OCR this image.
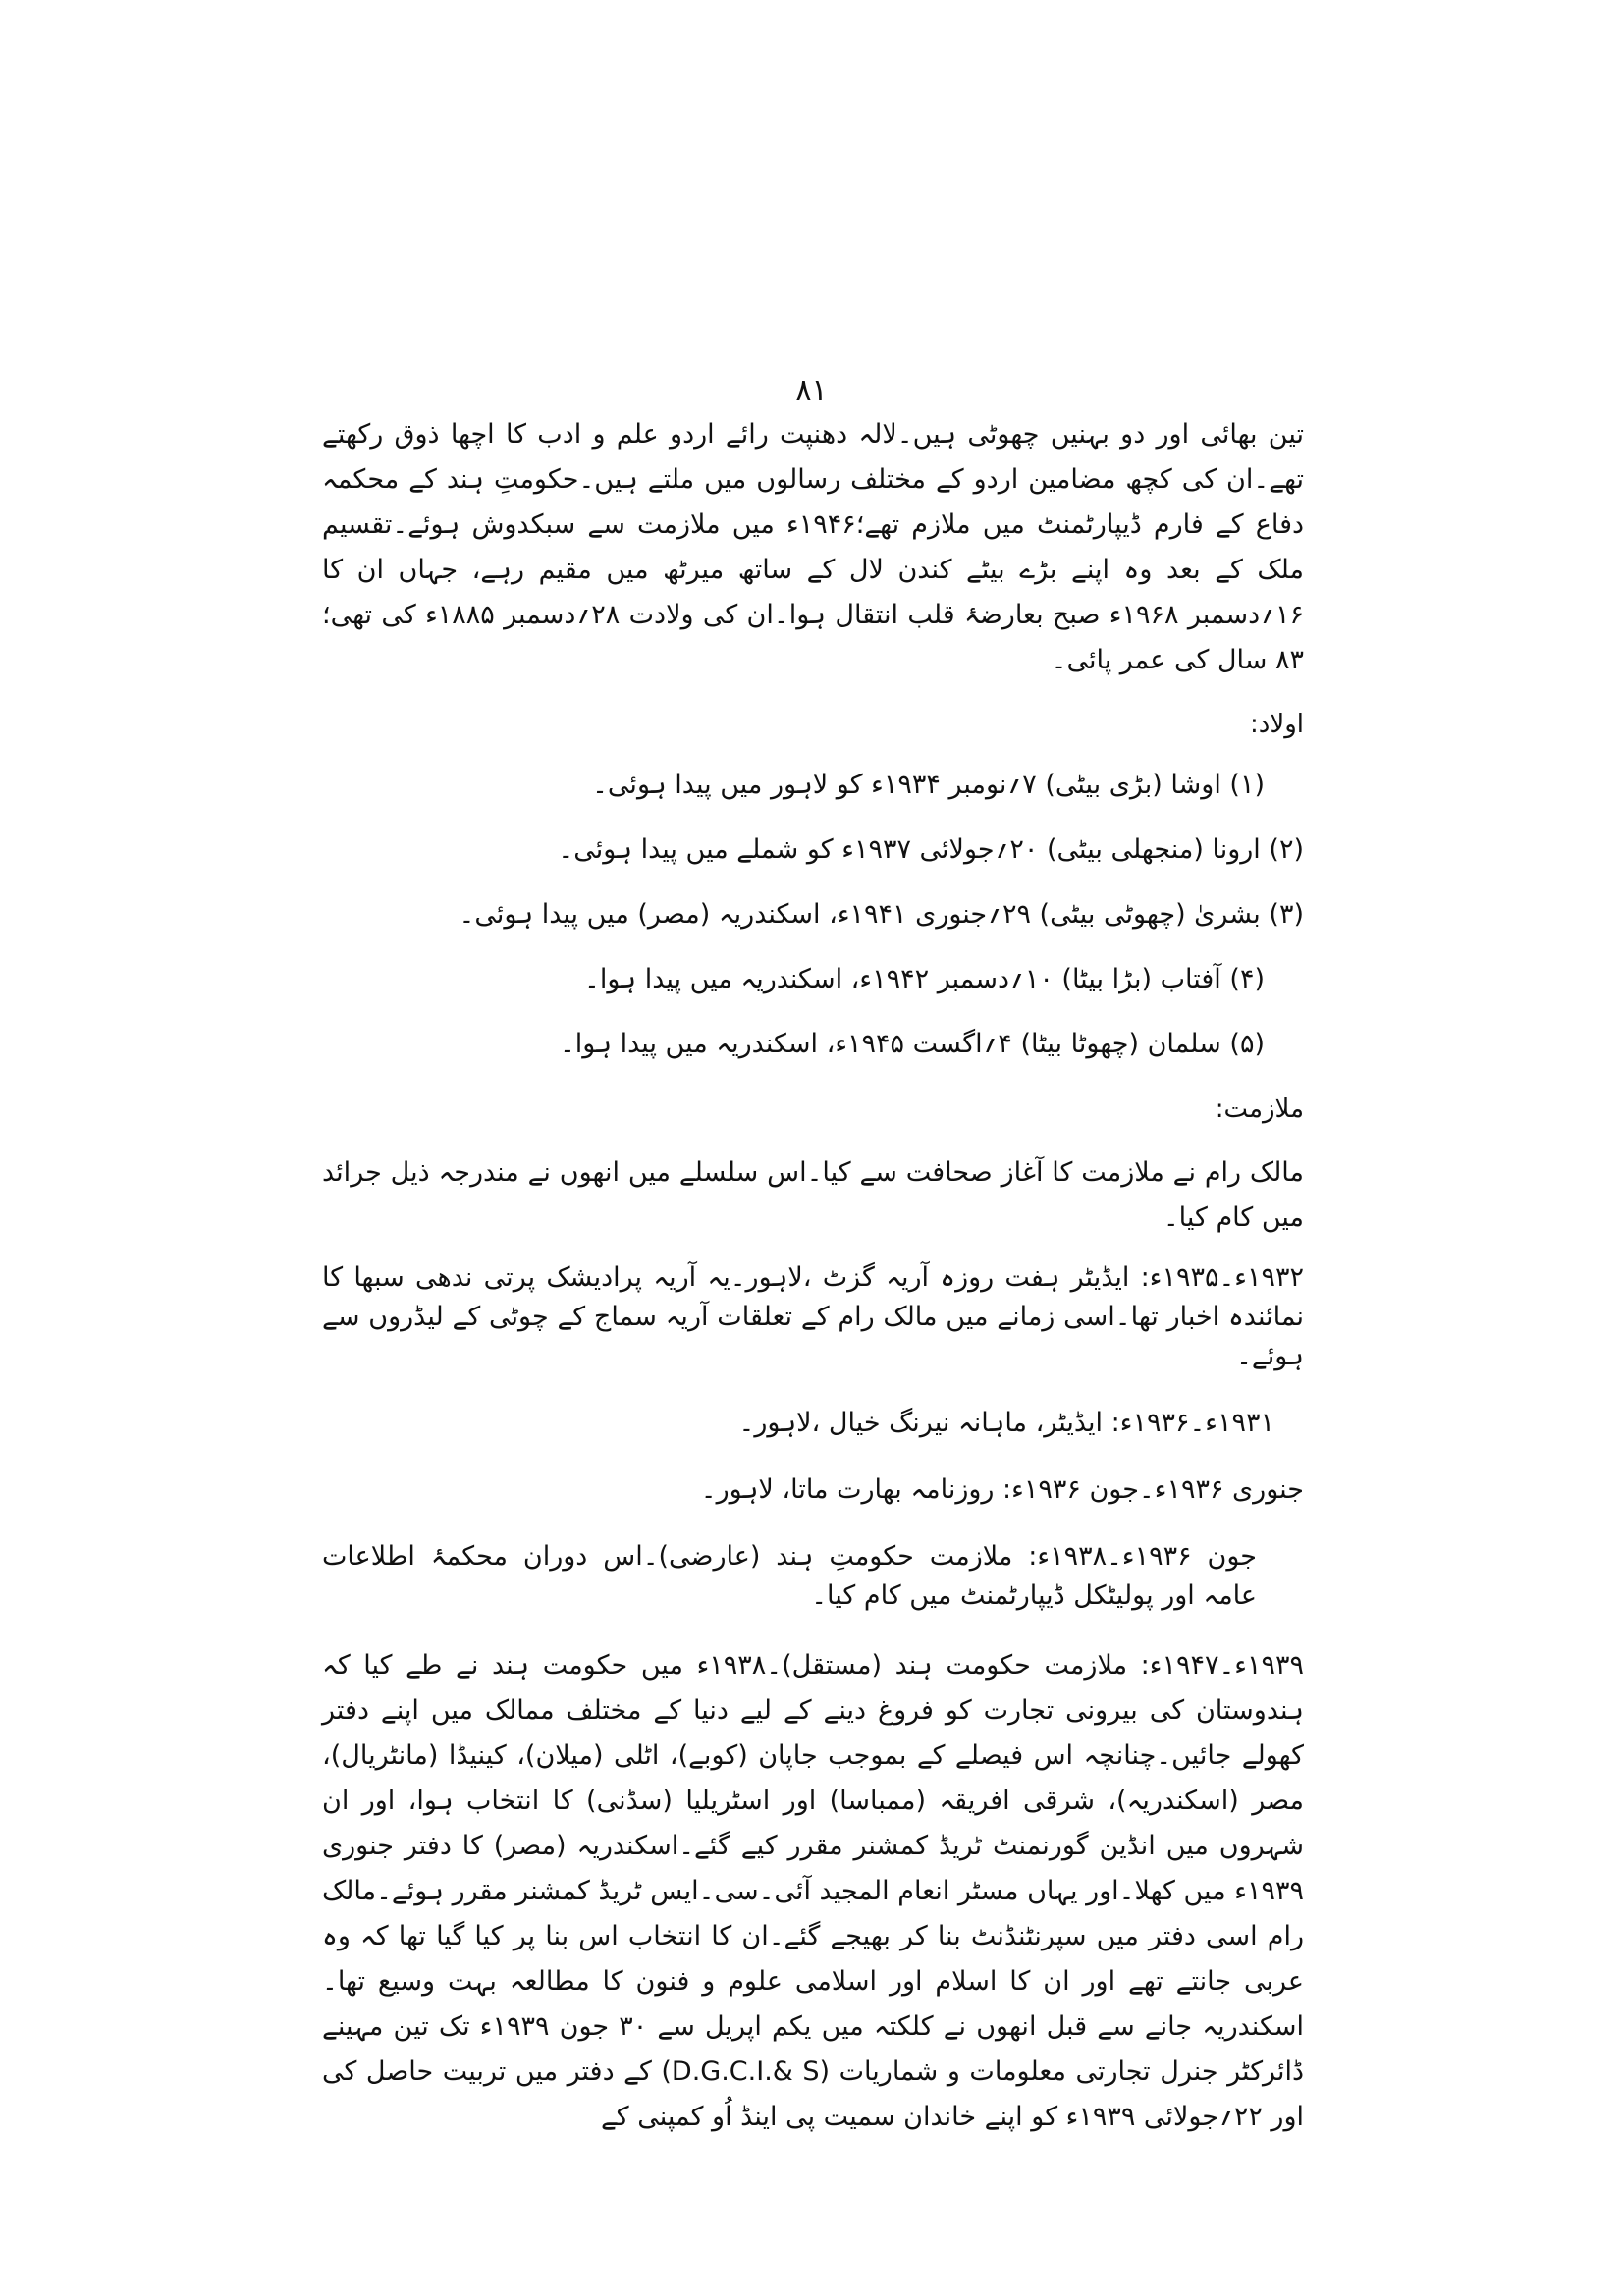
۸۱

تین بھائی اور دو بہنیں چھوٹی ہیں۔لالہ دھنپت رائے اردو علم و ادب کا اچھا ذوق رکھتے تھے۔ان کی کچھ مضامین اردو کے مختلف رسالوں میں ملتے ہیں۔حکومتِ ہند کے محکمہ دفاع کے فارم ڈیپارٹمنٹ میں ملازم تھے؛۱۹۴۶ء میں ملازمت سے سبکدوش ہوئے۔تقسیم ملک کے بعد وہ اپنے بڑے بیٹے کندن لال کے ساتھ میرٹھ میں مقیم رہے، جہاں ان کا ۱۶؍دسمبر ۱۹۶۸ء صبح بعارضۂ قلب انتقال ہوا۔ان کی ولادت ۲۸؍دسمبر ۱۸۸۵ء کی تھی؛ ۸۳ سال کی عمر پائی۔

اولاد:
(۱) اوشا (بڑی بیٹی) ۷؍نومبر ۱۹۳۴ء کو لاہور میں پیدا ہوئی۔
(۲) ارونا (منجھلی بیٹی) ۲۰؍جولائی ۱۹۳۷ء کو شملے میں پیدا ہوئی۔
(۳) بشریٰ (چھوٹی بیٹی) ۲۹؍جنوری ۱۹۴۱ء، اسکندریہ (مصر) میں پیدا ہوئی۔
(۴) آفتاب (بڑا بیٹا) ۱۰؍دسمبر ۱۹۴۲ء، اسکندریہ میں پیدا ہوا۔
(۵) سلمان (چھوٹا بیٹا) ۴؍اگست ۱۹۴۵ء، اسکندریہ میں پیدا ہوا۔
ملازمت:

مالک رام نے ملازمت کا آغاز صحافت سے کیا۔اس سلسلے میں انھوں نے مندرجہ ذیل جرائد میں کام کیا۔

۱۹۳۲ء۔۱۹۳۵ء: ایڈیٹر ہفت روزہ آریہ گزٹ ،لاہور۔یہ آریہ پرادیشک پرتی ندھی سبھا کا نمائندہ اخبار تھا۔اسی زمانے میں مالک رام کے تعلقات آریہ سماج کے چوٹی کے لیڈروں سے ہوئے۔

۱۹۳۱ء۔۱۹۳۶ء: ایڈیٹر، ماہانہ نیرنگ خیال ،لاہور۔

جنوری ۱۹۳۶ء۔جون ۱۹۳۶ء: روزنامہ بھارت ماتا، لاہور۔

جون ۱۹۳۶ء۔۱۹۳۸ء: ملازمت حکومتِ ہند (عارضی)۔اس دوران محکمۂ اطلاعات عامہ اور پولیٹکل ڈیپارٹمنٹ میں کام کیا۔

۱۹۳۹ء۔۱۹۴۷ء: ملازمت حکومت ہند (مستقل)۔۱۹۳۸ء میں حکومت ہند نے طے کیا کہ ہندوستان کی بیرونی تجارت کو فروغ دینے کے لیے دنیا کے مختلف ممالک میں اپنے دفتر کھولے جائیں۔چنانچہ اس فیصلے کے بموجب جاپان (کوبے)، اٹلی (میلان)، کینیڈا (مانٹریال)، مصر (اسکندریہ)، شرقی افریقہ (ممباسا) اور اسٹریلیا (سڈنی) کا انتخاب ہوا، اور ان شہروں میں انڈین گورنمنٹ ٹریڈ کمشنر مقرر کیے گئے۔اسکندریہ (مصر) کا دفتر جنوری ۱۹۳۹ء میں کھلا۔اور یہاں مسٹر انعام المجید آئی۔سی۔ایس ٹریڈ کمشنر مقرر ہوئے۔مالک رام اسی دفتر میں سپرنٹنڈنٹ بنا کر بھیجے گئے۔ان کا انتخاب اس بنا پر کیا گیا تھا کہ وہ عربی جانتے تھے اور ان کا اسلام اور اسلامی علوم و فنون کا مطالعہ بہت وسیع تھا۔اسکندریہ جانے سے قبل انھوں نے کلکتہ میں یکم اپریل سے ۳۰ جون ۱۹۳۹ء تک تین مہینے ڈائرکٹر جنرل تجارتی معلومات و شماریات (D.G.C.I.& S) کے دفتر میں تربیت حاصل کی اور ۲۲؍جولائی ۱۹۳۹ء کو اپنے خاندان سمیت پی اینڈ اُو کمپنی کے
